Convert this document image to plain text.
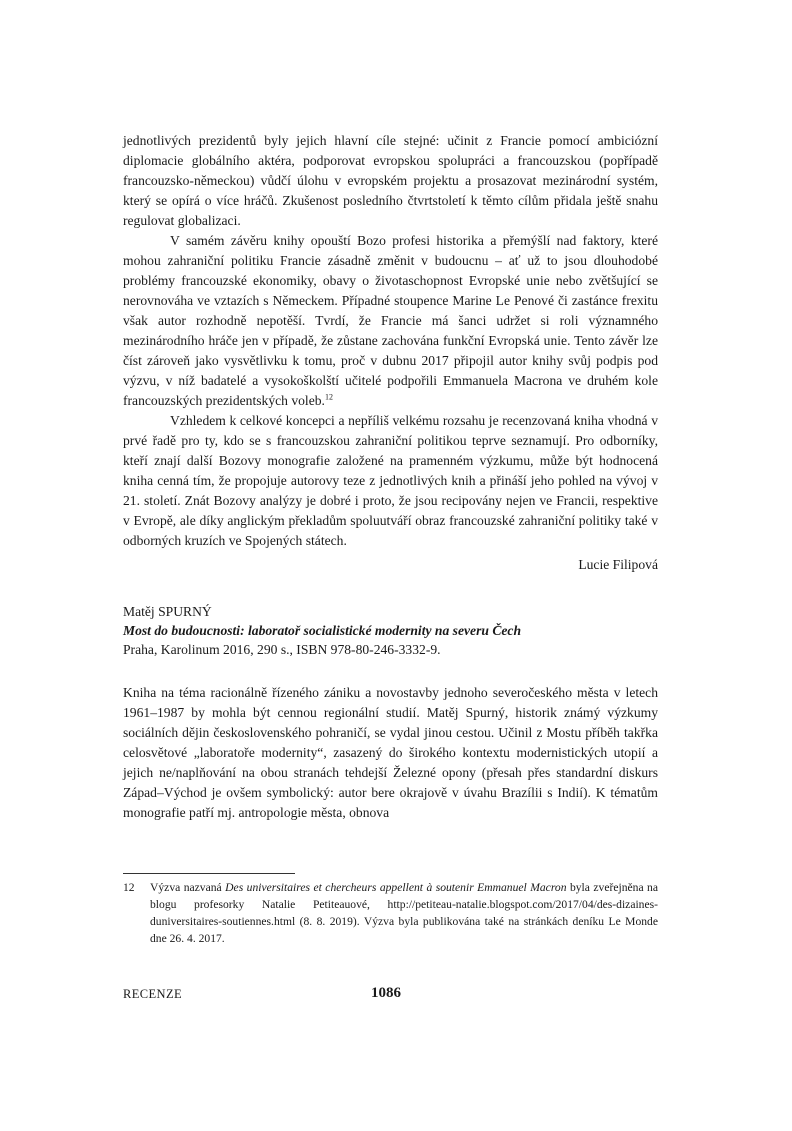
jednotlivých prezidentů byly jejich hlavní cíle stejné: učinit z Francie pomocí ambiciózní diplomacie globálního aktéra, podporovat evropskou spolupráci a francouzskou (popřípadě francouzsko-německou) vůdčí úlohu v evropském projektu a prosazovat mezinárodní systém, který se opírá o více hráčů. Zkušenost posledního čtvrtstoletí k těmto cílům přidala ještě snahu regulovat globalizaci.

V samém závěru knihy opouští Bozo profesi historika a přemýšlí nad faktory, které mohou zahraniční politiku Francie zásadně změnit v budoucnu – ať už to jsou dlouhodobé problémy francouzské ekonomiky, obavy o životaschopnost Evropské unie nebo zvětšující se nerovnováha ve vztazích s Německem. Případné stoupence Marine Le Penové či zastánce frexitu však autor rozhodně nepotěší. Tvrdí, že Francie má šanci udržet si roli významného mezinárodního hráče jen v případě, že zůstane zachována funkční Evropská unie. Tento závěr lze číst zároveň jako vysvětlivku k tomu, proč v dubnu 2017 připojil autor knihy svůj podpis pod výzvu, v níž badatelé a vysokoškolští učitelé podpořili Emmanuela Macrona ve druhém kole francouzských prezidentských voleb.$^{12}$

Vzhledem k celkové koncepci a nepříliš velkému rozsahu je recenzovaná kniha vhodná v prvé řadě pro ty, kdo se s francouzskou zahraniční politikou teprve seznamují. Pro odborníky, kteří znají další Bozovy monografie založené na pramenném výzkumu, může být hodnocená kniha cenná tím, že propojuje autorovy teze z jednotlivých knih a přináší jeho pohled na vývoj v 21. století. Znát Bozovy analýzy je dobré i proto, že jsou recipovány nejen ve Francii, respektive v Evropě, ale díky anglickým překladům spoluutváří obraz francouzské zahraniční politiky také v odborných kruzích ve Spojených státech.

Lucie Filipová

Matěj SPURNÝ

Most do budoucnosti: laboratoř socialistické modernity na severu Čech

Praha, Karolinum 2016, 290 s., ISBN 978-80-246-3332-9.

Kniha na téma racionálně řízeného zániku a novostavby jednoho severočeského města v letech 1961–1987 by mohla být cennou regionální studií. Matěj Spurný, historik známý výzkumy sociálních dějin československého pohraničí, se vydal jinou cestou. Učinil z Mostu příběh takřka celosvětové „laboratoře modernity“, zasazený do širokého kontextu modernistických utopií a jejich ne/naplňování na obou stranách tehdejší Železné opony (přesah přes standardní diskurs Západ–Východ je ovšem symbolický: autor bere okrajově v úvahu Brazílii s Indií). K tématům monografie patří mj. antropologie města, obnova

12 Výzva nazvaná Des universitaires et chercheurs appellent à soutenir Emmanuel Macron byla zveřejněna na blogu profesorky Natalie Petiteauové, http://petiteau-natalie.blogspot.com/2017/04/des-dizaines-duniversitaires-soutiennes.html (8. 8. 2019). Výzva byla publikována také na stránkách deníku Le Monde dne 26. 4. 2017.

RECENZE	1086
